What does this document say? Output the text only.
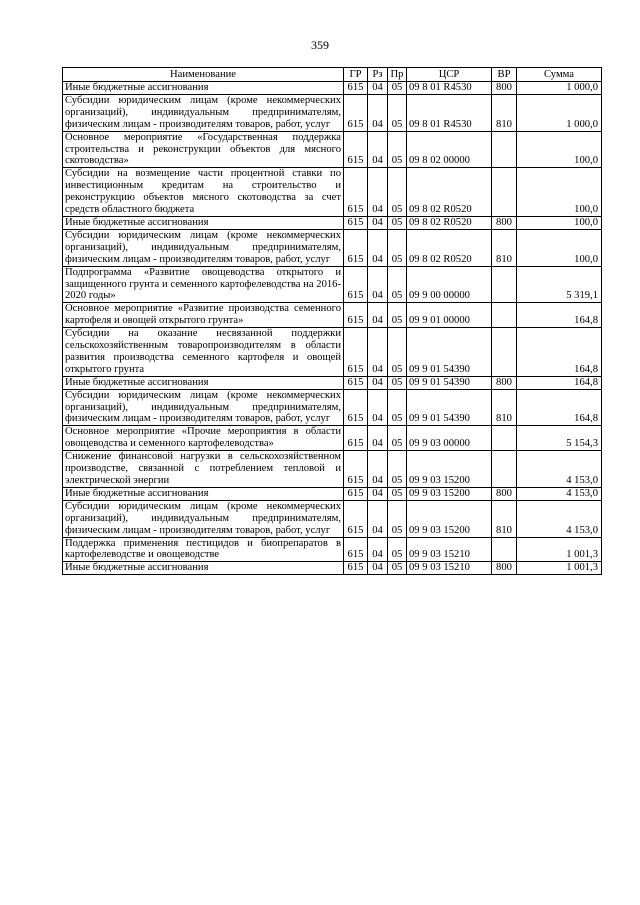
359
Наименование	ГР	Рз	Пр	ЦСР	ВР	Сумма
Иные бюджетные ассигнования	615	04	05	09 8 01 R4530	800	1 000,0
Субсидии юридическим лицам (кроме некоммерческих организаций), индивидуальным предпринимателям, физическим лицам - производителям товаров, работ, услуг	615	04	05	09 8 01 R4530	810	1 000,0
Основное мероприятие «Государственная поддержка строительства и реконструкции объектов для мясного скотоводства»	615	04	05	09 8 02 00000		100,0
Субсидии на возмещение части процентной ставки по инвестиционным кредитам на строительство и реконструкцию объектов мясного скотоводства за счет средств областного бюджета	615	04	05	09 8 02 R0520		100,0
Иные бюджетные ассигнования	615	04	05	09 8 02 R0520	800	100,0
Субсидии юридическим лицам (кроме некоммерческих организаций), индивидуальным предпринимателям, физическим лицам - производителям товаров, работ, услуг	615	04	05	09 8 02 R0520	810	100,0
Подпрограмма «Развитие овощеводства открытого и защищенного грунта и семенного картофелеводства на 2016-2020 годы»	615	04	05	09 9 00 00000		5 319,1
Основное мероприятие «Развитие производства семенного картофеля и овощей открытого грунта»	615	04	05	09 9 01 00000		164,8
Субсидии на оказание несвязанной поддержки сельскохозяйственным товаропроизводителям в области развития производства семенного картофеля и овощей открытого грунта	615	04	05	09 9 01 54390		164,8
Иные бюджетные ассигнования	615	04	05	09 9 01 54390	800	164,8
Субсидии юридическим лицам (кроме некоммерческих организаций), индивидуальным предпринимателям, физическим лицам - производителям товаров, работ, услуг	615	04	05	09 9 01 54390	810	164,8
Основное мероприятие «Прочие мероприятия в области овощеводства и семенного картофелеводства»	615	04	05	09 9 03 00000		5 154,3
Снижение финансовой нагрузки в сельскохозяйственном производстве, связанной с потреблением тепловой и электрической энергии	615	04	05	09 9 03 15200		4 153,0
Иные бюджетные ассигнования	615	04	05	09 9 03 15200	800	4 153,0
Субсидии юридическим лицам (кроме некоммерческих организаций), индивидуальным предпринимателям, физическим лицам - производителям товаров, работ, услуг	615	04	05	09 9 03 15200	810	4 153,0
Поддержка применения пестицидов и биопрепаратов в картофелеводстве и овощеводстве	615	04	05	09 9 03 15210		1 001,3
Иные бюджетные ассигнования	615	04	05	09 9 03 15210	800	1 001,3
